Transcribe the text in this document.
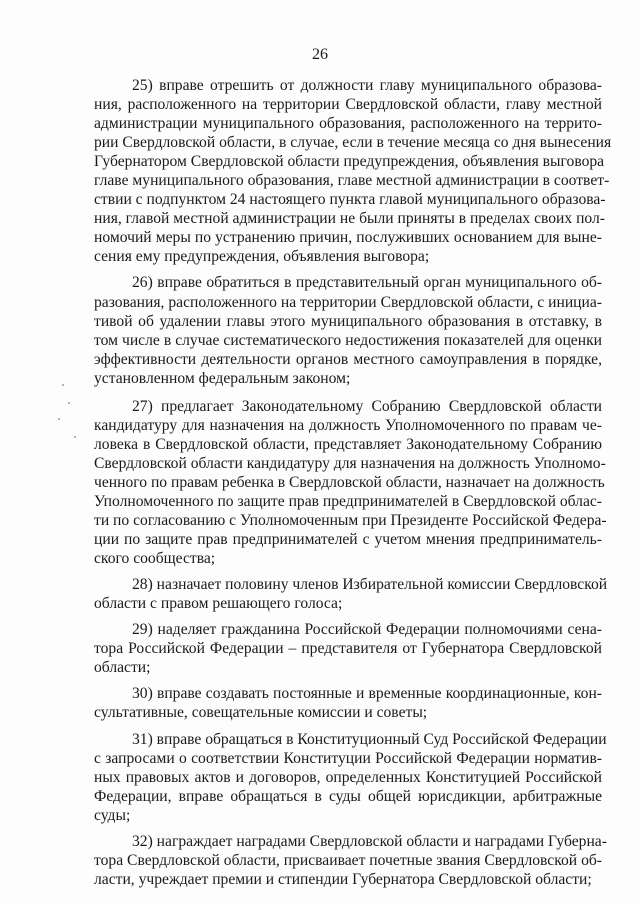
26

25) вправе отрешить от должности главу муниципального образова-
ния, расположенного на территории Свердловской области, главу местной
администрации муниципального образования, расположенного на террито-
рии Свердловской области, в случае, если в течение месяца со дня вынесения
Губернатором Свердловской области предупреждения, объявления выговора
главе муниципального образования, главе местной администрации в соответ-
ствии с подпунктом 24 настоящего пункта главой муниципального образова-
ния, главой местной администрации не были приняты в пределах своих пол-
номочий меры по устранению причин, послуживших основанием для выне-
сения ему предупреждения, объявления выговора;

26) вправе обратиться в представительный орган муниципального об-
разования, расположенного на территории Свердловской области, с инициа-
тивой об удалении главы этого муниципального образования в отставку, в
том числе в случае систематического недостижения показателей для оценки
эффективности деятельности органов местного самоуправления в порядке,
установленном федеральным законом;

27) предлагает Законодательному Собранию Свердловской области
кандидатуру для назначения на должность Уполномоченного по правам че-
ловека в Свердловской области, представляет Законодательному Собранию
Свердловской области кандидатуру для назначения на должность Уполномо-
ченного по правам ребенка в Свердловской области, назначает на должность
Уполномоченного по защите прав предпринимателей в Свердловской облас-
ти по согласованию с Уполномоченным при Президенте Российской Федера-
ции по защите прав предпринимателей с учетом мнения предприниматель-
ского сообщества;

28) назначает половину членов Избирательной комиссии Свердловской
области с правом решающего голоса;

29) наделяет гражданина Российской Федерации полномочиями сена-
тора Российской Федерации – представителя от Губернатора Свердловской
области;

30) вправе создавать постоянные и временные координационные, кон-
сультативные, совещательные комиссии и советы;

31) вправе обращаться в Конституционный Суд Российской Федерации
с запросами о соответствии Конституции Российской Федерации норматив-
ных правовых актов и договоров, определенных Конституцией Российской
Федерации, вправе обращаться в суды общей юрисдикции, арбитражные
суды;

32) награждает наградами Свердловской области и наградами Губерна-
тора Свердловской области, присваивает почетные звания Свердловской об-
ласти, учреждает премии и стипендии Губернатора Свердловской области;
